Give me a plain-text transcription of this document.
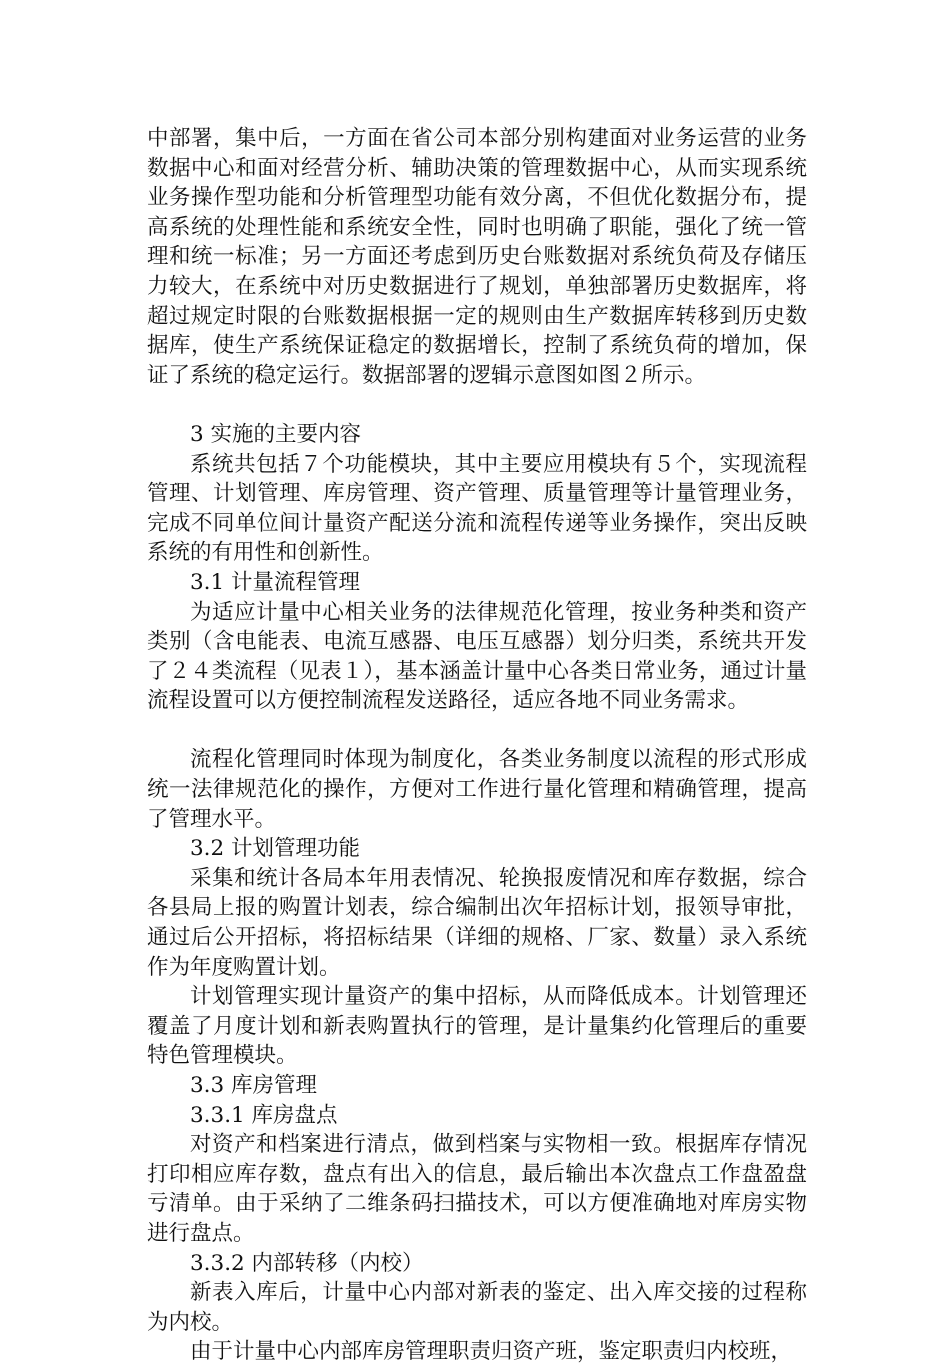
中部署，集中后，一方面在省公司本部分别构建面对业务运营的业务数据中心和面对经营分析、辅助决策的管理数据中心，从而实现系统业务操作型功能和分析管理型功能有效分离，不但优化数据分布，提高系统的处理性能和系统安全性，同时也明确了职能，强化了统一管理和统一标准；另一方面还考虑到历史台账数据对系统负荷及存储压力较大，在系统中对历史数据进行了规划，单独部署历史数据库，将超过规定时限的台账数据根据一定的规则由生产数据库转移到历史数据库，使生产系统保证稳定的数据增长，控制了系统负荷的增加，保证了系统的稳定运行。数据部署的逻辑示意图如图２所示。

3 实施的主要内容

系统共包括７个功能模块，其中主要应用模块有５个，实现流程管理、计划管理、库房管理、资产管理、质量管理等计量管理业务，完成不同单位间计量资产配送分流和流程传递等业务操作，突出反映系统的有用性和创新性。

3.1 计量流程管理

为适应计量中心相关业务的法律规范化管理，按业务种类和资产类别（含电能表、电流互感器、电压互感器）划分归类，系统共开发了２４类流程（见表１），基本涵盖计量中心各类日常业务，通过计量流程设置可以方便控制流程发送路径，适应各地不同业务需求。

流程化管理同时体现为制度化，各类业务制度以流程的形式形成统一法律规范化的操作，方便对工作进行量化管理和精确管理，提高了管理水平。

3.2 计划管理功能

采集和统计各局本年用表情况、轮换报废情况和库存数据，综合各县局上报的购置计划表，综合编制出次年招标计划，报领导审批，通过后公开招标，将招标结果（详细的规格、厂家、数量）录入系统作为年度购置计划。

计划管理实现计量资产的集中招标，从而降低成本。计划管理还覆盖了月度计划和新表购置执行的管理，是计量集约化管理后的重要特色管理模块。

3.3 库房管理

3.3.1 库房盘点

对资产和档案进行清点，做到档案与实物相一致。根据库存情况打印相应库存数，盘点有出入的信息，最后输出本次盘点工作盘盈盘亏清单。由于采纳了二维条码扫描技术，可以方便准确地对库房实物进行盘点。

3.3.2 内部转移（内校）

新表入库后，计量中心内部对新表的鉴定、出入库交接的过程称为内校。

由于计量中心内部库房管理职责归资产班，鉴定职责归内校班，
